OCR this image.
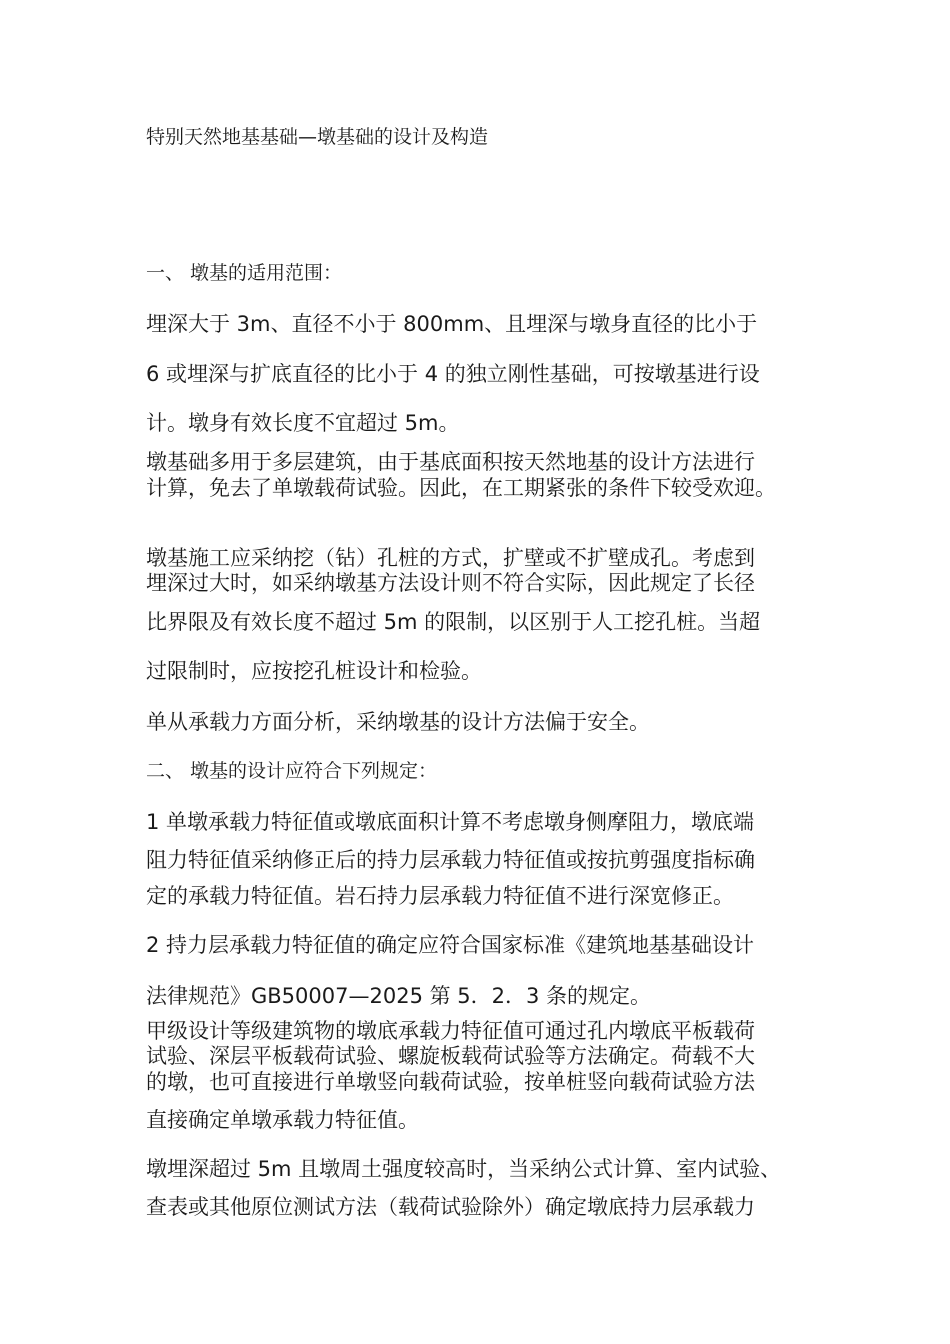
特别天然地基基础—墩基础的设计及构造
一、 墩基的适用范围：
埋深大于 3m、直径不小于 800mm、且埋深与墩身直径的比小于
6 或埋深与扩底直径的比小于 4 的独立刚性基础，可按墩基进行设
计。墩身有效长度不宜超过 5m。
墩基础多用于多层建筑，由于基底面积按天然地基的设计方法进行
计算，免去了单墩载荷试验。因此，在工期紧张的条件下较受欢迎。
墩基施工应采纳挖（钻）孔桩的方式，扩壁或不扩壁成孔。考虑到
埋深过大时，如采纳墩基方法设计则不符合实际，因此规定了长径
比界限及有效长度不超过 5m 的限制，以区别于人工挖孔桩。当超
过限制时，应按挖孔桩设计和检验。
单从承载力方面分析，采纳墩基的设计方法偏于安全。
二、 墩基的设计应符合下列规定：
1 单墩承载力特征值或墩底面积计算不考虑墩身侧摩阻力，墩底端
阻力特征值采纳修正后的持力层承载力特征值或按抗剪强度指标确
定的承载力特征值。岩石持力层承载力特征值不进行深宽修正。
2 持力层承载力特征值的确定应符合国家标准《建筑地基基础设计
法律规范》GB50007—2025 第 5．2．3 条的规定。
甲级设计等级建筑物的墩底承载力特征值可通过孔内墩底平板载荷
试验、深层平板载荷试验、螺旋板载荷试验等方法确定。荷载不大
的墩，也可直接进行单墩竖向载荷试验，按单桩竖向载荷试验方法
直接确定单墩承载力特征值。
墩埋深超过 5m 且墩周土强度较高时，当采纳公式计算、室内试验、
查表或其他原位测试方法（载荷试验除外）确定墩底持力层承载力
